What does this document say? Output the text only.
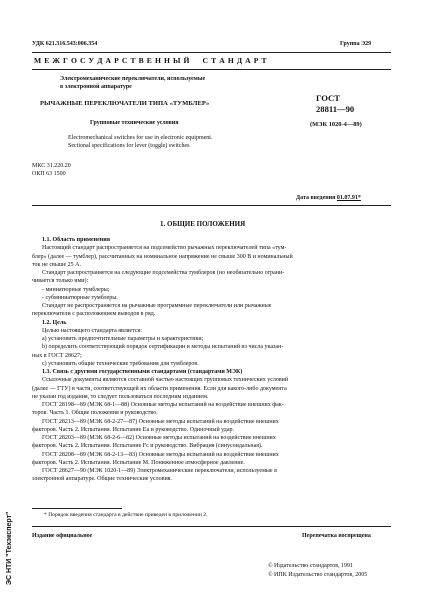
УДК 621.316.543:006.354	Группа Э29
М Е Ж Г О С У Д А Р С Т В Е Н Н Ы Й     С Т А Н Д А Р Т
Электромеханические переключатели, используемые
в электронной аппаратуре
РЫЧАЖНЫЕ ПЕРЕКЛЮЧАТЕЛИ ТИПА «ТУМБЛЕР»
Групповые технические условия
Electromechanical switches for use in electronic equipment.
Sectional specifications for lever (toggle) switches
ГОСТ
28811—90
(МЭК 1020-4—89)
МКС 31.220.20
ОКП 63 1500
Дата введения 01.07.91*
1. ОБЩИЕ ПОЛОЖЕНИЯ
1.1. Область применения
Настоящий стандарт распространяется на подсемейство рычажных переключателей типа «тум-
блер» (далее — тумблер), рассчитанных на номинальное напряжение не свыше 300 В и номинальный
ток не свыше 25 А.
Стандарт распространяется на следующие подсемейства тумблеров (но необязательно ограни-
чивается только ими):
- миниатюрные тумблеры;
- субминиатюрные тумблеры.
Стандарт не распространяется на рычажные программные переключатели или рычажные
переключатели с расположением выводов в ряд.
1.2. Цель
Целью настоящего стандарта является:
а) установить предпочтительные параметры и характеристики;
b) определить соответствующий порядок сертификации и методы испытаний из числа указан-
ных в ГОСТ 28627;
c) установить общие технические требования для тумблеров.
1.3. Связь с другими государственными стандартами (стандартами МЭК)
Ссылочные документы являются составной частью настоящих групповых технических условий
(далее — ГТУ) в части, соответствующей их области применения. Если для какого-либо документа
не указан год издания, то следует пользоваться последним изданием.
ГОСТ 28198—89 (МЭК 68-1—88) Основные методы испытаний на воздействие внешних фак-
торов. Часть 1. Общие положения и руководство.
ГОСТ 28213—89 (МЭК 68-2-27—87) Основные методы испытаний на воздействие внешних
факторов. Часть 2. Испытания. Испытание Ea и руководство. Одиночный удар.
ГОСТ 28203—89 (МЭК 68-2-6—82) Основные методы испытаний на воздействие внешних
факторов. Часть 2. Испытания. Испытание Fc и руководство. Вибрация (синусоидальная).
ГОСТ 28208—89 (МЭК 68-2-13—83) Основные методы испытаний на воздействие внешних
факторов. Часть 2. Испытания. Испытание М. Пониженное атмосферное давление.
ГОСТ 28627—90 (МЭК 1020-1—89) Электромеханические переключатели, используемые в
электронной аппаратуре. Общие технические условия.
* Порядок введения стандарта в действие приведен в приложении 2.
Издание официальное	Перепечатка воспрещена
© Издательство стандартов, 1991
© ИПК Издательство стандартов, 2005
ЭС НТИ "Техэксперт"
